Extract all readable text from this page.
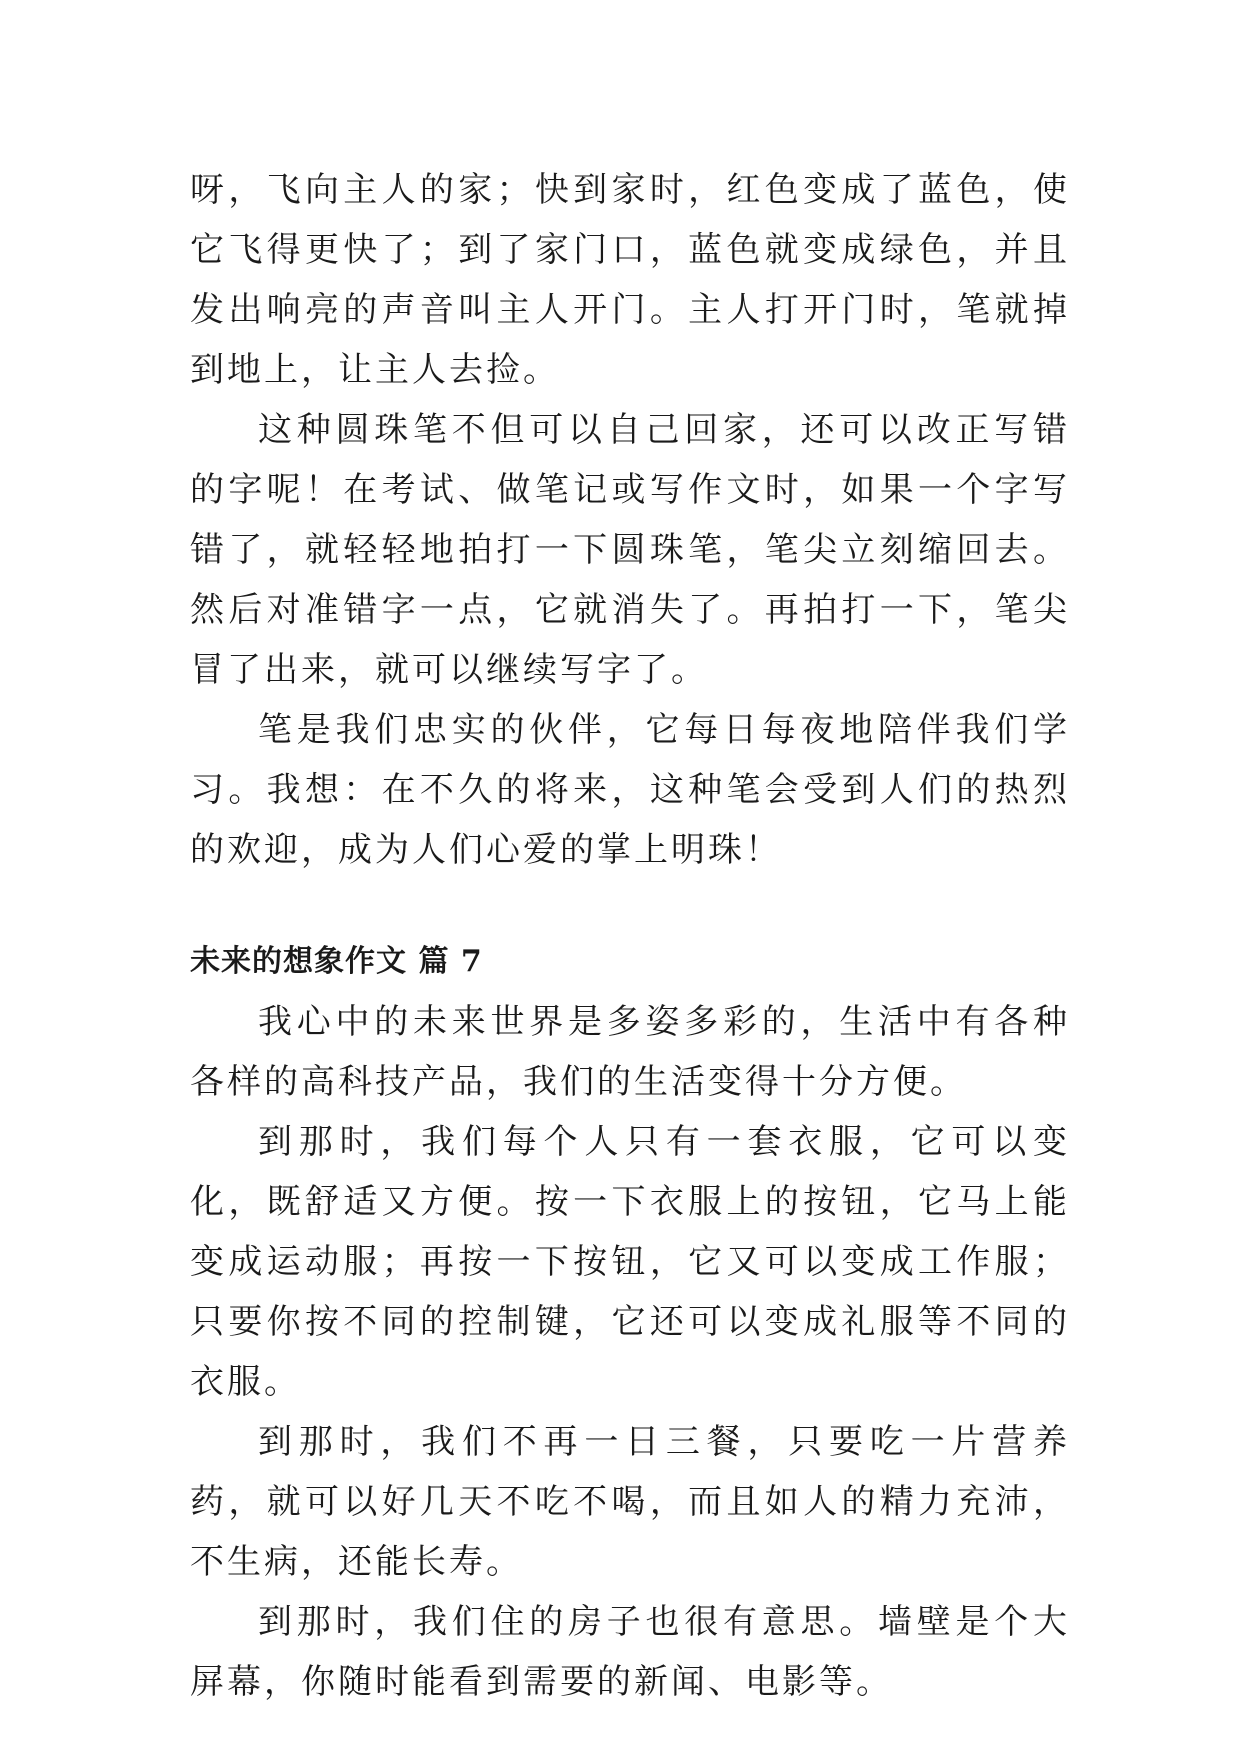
呀，飞向主人的家；快到家时，红色变成了蓝色，使它飞得更快了；到了家门口，蓝色就变成绿色，并且发出响亮的声音叫主人开门。主人打开门时，笔就掉到地上，让主人去捡。

这种圆珠笔不但可以自己回家，还可以改正写错的字呢！在考试、做笔记或写作文时，如果一个字写错了，就轻轻地拍打一下圆珠笔，笔尖立刻缩回去。然后对准错字一点，它就消失了。再拍打一下，笔尖冒了出来，就可以继续写字了。

笔是我们忠实的伙伴，它每日每夜地陪伴我们学习。我想：在不久的将来，这种笔会受到人们的热烈的欢迎，成为人们心爱的掌上明珠！

未来的想象作文 篇 7

我心中的未来世界是多姿多彩的，生活中有各种各样的高科技产品，我们的生活变得十分方便。

到那时，我们每个人只有一套衣服，它可以变化，既舒适又方便。按一下衣服上的按钮，它马上能变成运动服；再按一下按钮，它又可以变成工作服；只要你按不同的控制键，它还可以变成礼服等不同的衣服。

到那时，我们不再一日三餐，只要吃一片营养药，就可以好几天不吃不喝，而且如人的精力充沛，不生病，还能长寿。

到那时，我们住的房子也很有意思。墙壁是个大屏幕，你随时能看到需要的新闻、电影等。
